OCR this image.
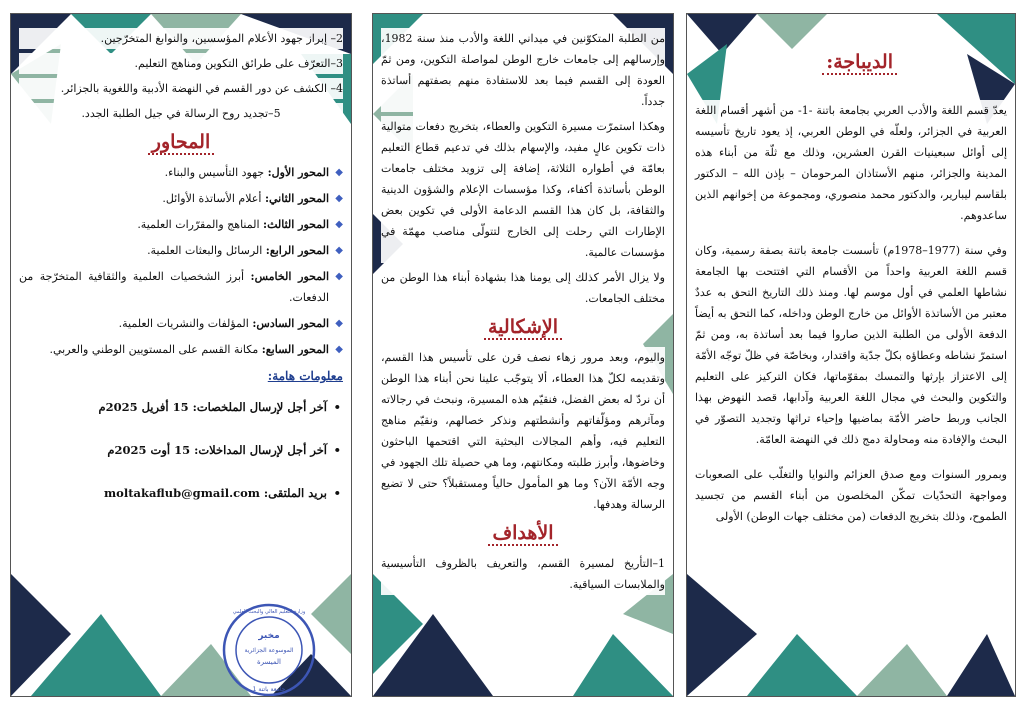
2– إبراز جهود الأعلام المؤسسين، والنوابغ المتخرّجين.

3–التعرّف على طرائق التكوين ومناهج التعليم.

4– الكشف عن دور القسم في النهضة الأدبية واللغوية بالجزائر.

5–تجديد روح الرسالة في جيل الطلبة الجدد.

المحاور
◆
المحور الأول: جهود التأسيس والبناء.
◆
المحور الثاني: أعلام الأساتذة الأوائل.
◆
المحور الثالث: المناهج والمقرّرات العلمية.
◆
المحور الرابع: الرسائل والبعثات العلمية.
◆
المحور الخامس: أبرز الشخصيات العلمية والثقافية المتخرّجة من الدفعات.
◆
المحور السادس: المؤلفات والنشريات العلمية.
◆
المحور السابع: مكانة القسم على المستويين الوطني والعربي.
معلومات هامة:
•
آخر أجل لإرسال الملخصات: 15 أفريل 2025م
•
آخر أجل لإرسال المداخلات: 15 أوت 2025م
•
بريد الملتقى: moltakaflub@gmail.com
مخبر
الموسوعة الجزائرية
الميسرة
وزارة التعليم العالي والبحث العلمي
جامعة باتنة 1

من الطلبة المتكوّنين في ميداني اللغة والأدب منذ سنة 1982، وإرسالهم إلى جامعات خارج الوطن لمواصلة التكوين، ومن ثمّ العودة إلى القسم فيما بعد للاستفادة منهم بصفتهم أساتذة جدداً.

وهكذا استمرّت مسيرة التكوين والعطاء، بتخريج دفعات متوالية ذات تكوين عالٍ مفيد، والإسهام بذلك في تدعيم قطاع التعليم بعامّة في أطواره الثلاثة، إضافة إلى تزويد مختلف جامعات الوطن بأساتذة أكفاء، وكذا مؤسسات الإعلام والشؤون الدينية والثقافة، بل كان هذا القسم الدعامة الأولى في تكوين بعض الإطارات التي رحلت إلى الخارج لتتولّى مناصب مهمّة في مؤسسات عالمية.

ولا يزال الأمر كذلك إلى يومنا هذا بشهادة أبناء هذا الوطن من مختلف الجامعات.

الإشكالية

واليوم، وبعد مرور زهاء نصف قرن على تأسيس هذا القسم، وتقديمه لكلّ هذا العطاء، ألا يتوجّب علينا نحن أبناء هذا الوطن أن نردّ له بعض الفضل، فنقيّم هذه المسيرة، ونبحث في رجالاته ومآثرهم ومؤلّفاتهم وأنشطتهم ونذكر خصالهم، ونقيّم مناهج التعليم فيه، وأهم المجالات البحثية التي اقتحمها الباحثون وخاضوها، وأبرز طلبته ومكانتهم، وما هي حصيلة تلك الجهود في وجه الأمّة الآن؟ وما هو المأمول حالياً ومستقبلاً؟ حتى لا تضيع الرسالة وهدفها.

الأهداف

1–التأريخ لمسيرة القسم، والتعريف بالظروف التأسيسية والملابسات السياقية.

الديباجة:

يعدّ قسم اللغة والأدب العربي بجامعة باتنة -1- من أشهر أقسام اللغة العربية في الجزائر، ولعلّه في الوطن العربي، إذ يعود تاريخ تأسيسه إلى أوائل سبعينيات القرن العشرين، وذلك مع ثلّة من أبناء هذه المدينة والجزائر، منهم الأستاذان المرحومان – بإذن الله – الدكتور بلقاسم ليبارير، والدكتور محمد منصوري، ومجموعة من إخوانهم الذين ساعدوهم.

وفي سنة (1977–1978م) تأسست جامعة باتنة بصفة رسمية، وكان قسم اللغة العربية واحداً من الأقسام التي افتتحت بها الجامعة نشاطها العلمي في أول موسم لها. ومنذ ذلك التاريخ التحق به عددٌ معتبر من الأساتذة الأوائل من خارج الوطن وداخله، كما التحق به أيضاً الدفعة الأولى من الطلبة الذين صاروا فيما بعد أساتذة به، ومن ثمّ استمرّ نشاطه وعطاؤه بكلّ جدّية واقتدار، وبخاصّة في ظلّ توجّه الأمّة إلى الاعتزاز بإرثها والتمسك بمقوّماتها، فكان التركيز على التعليم والتكوين والبحث في مجال اللغة العربية وآدابها، قصد النهوض بهذا الجانب وربط حاضر الأمّة بماضيها وإحياء تراثها وتجديد التصوّر في البحث والإفادة منه ومحاولة دمج ذلك في النهضة العامّة.

وبمرور السنوات ومع صدق العزائم والنوايا والتغلّب على الصعوبات ومواجهة التحدّيات تمكّن المخلصون من أبناء القسم من تجسيد الطموح، وذلك بتخريج الدفعات (من مختلف جهات الوطن) الأولى
